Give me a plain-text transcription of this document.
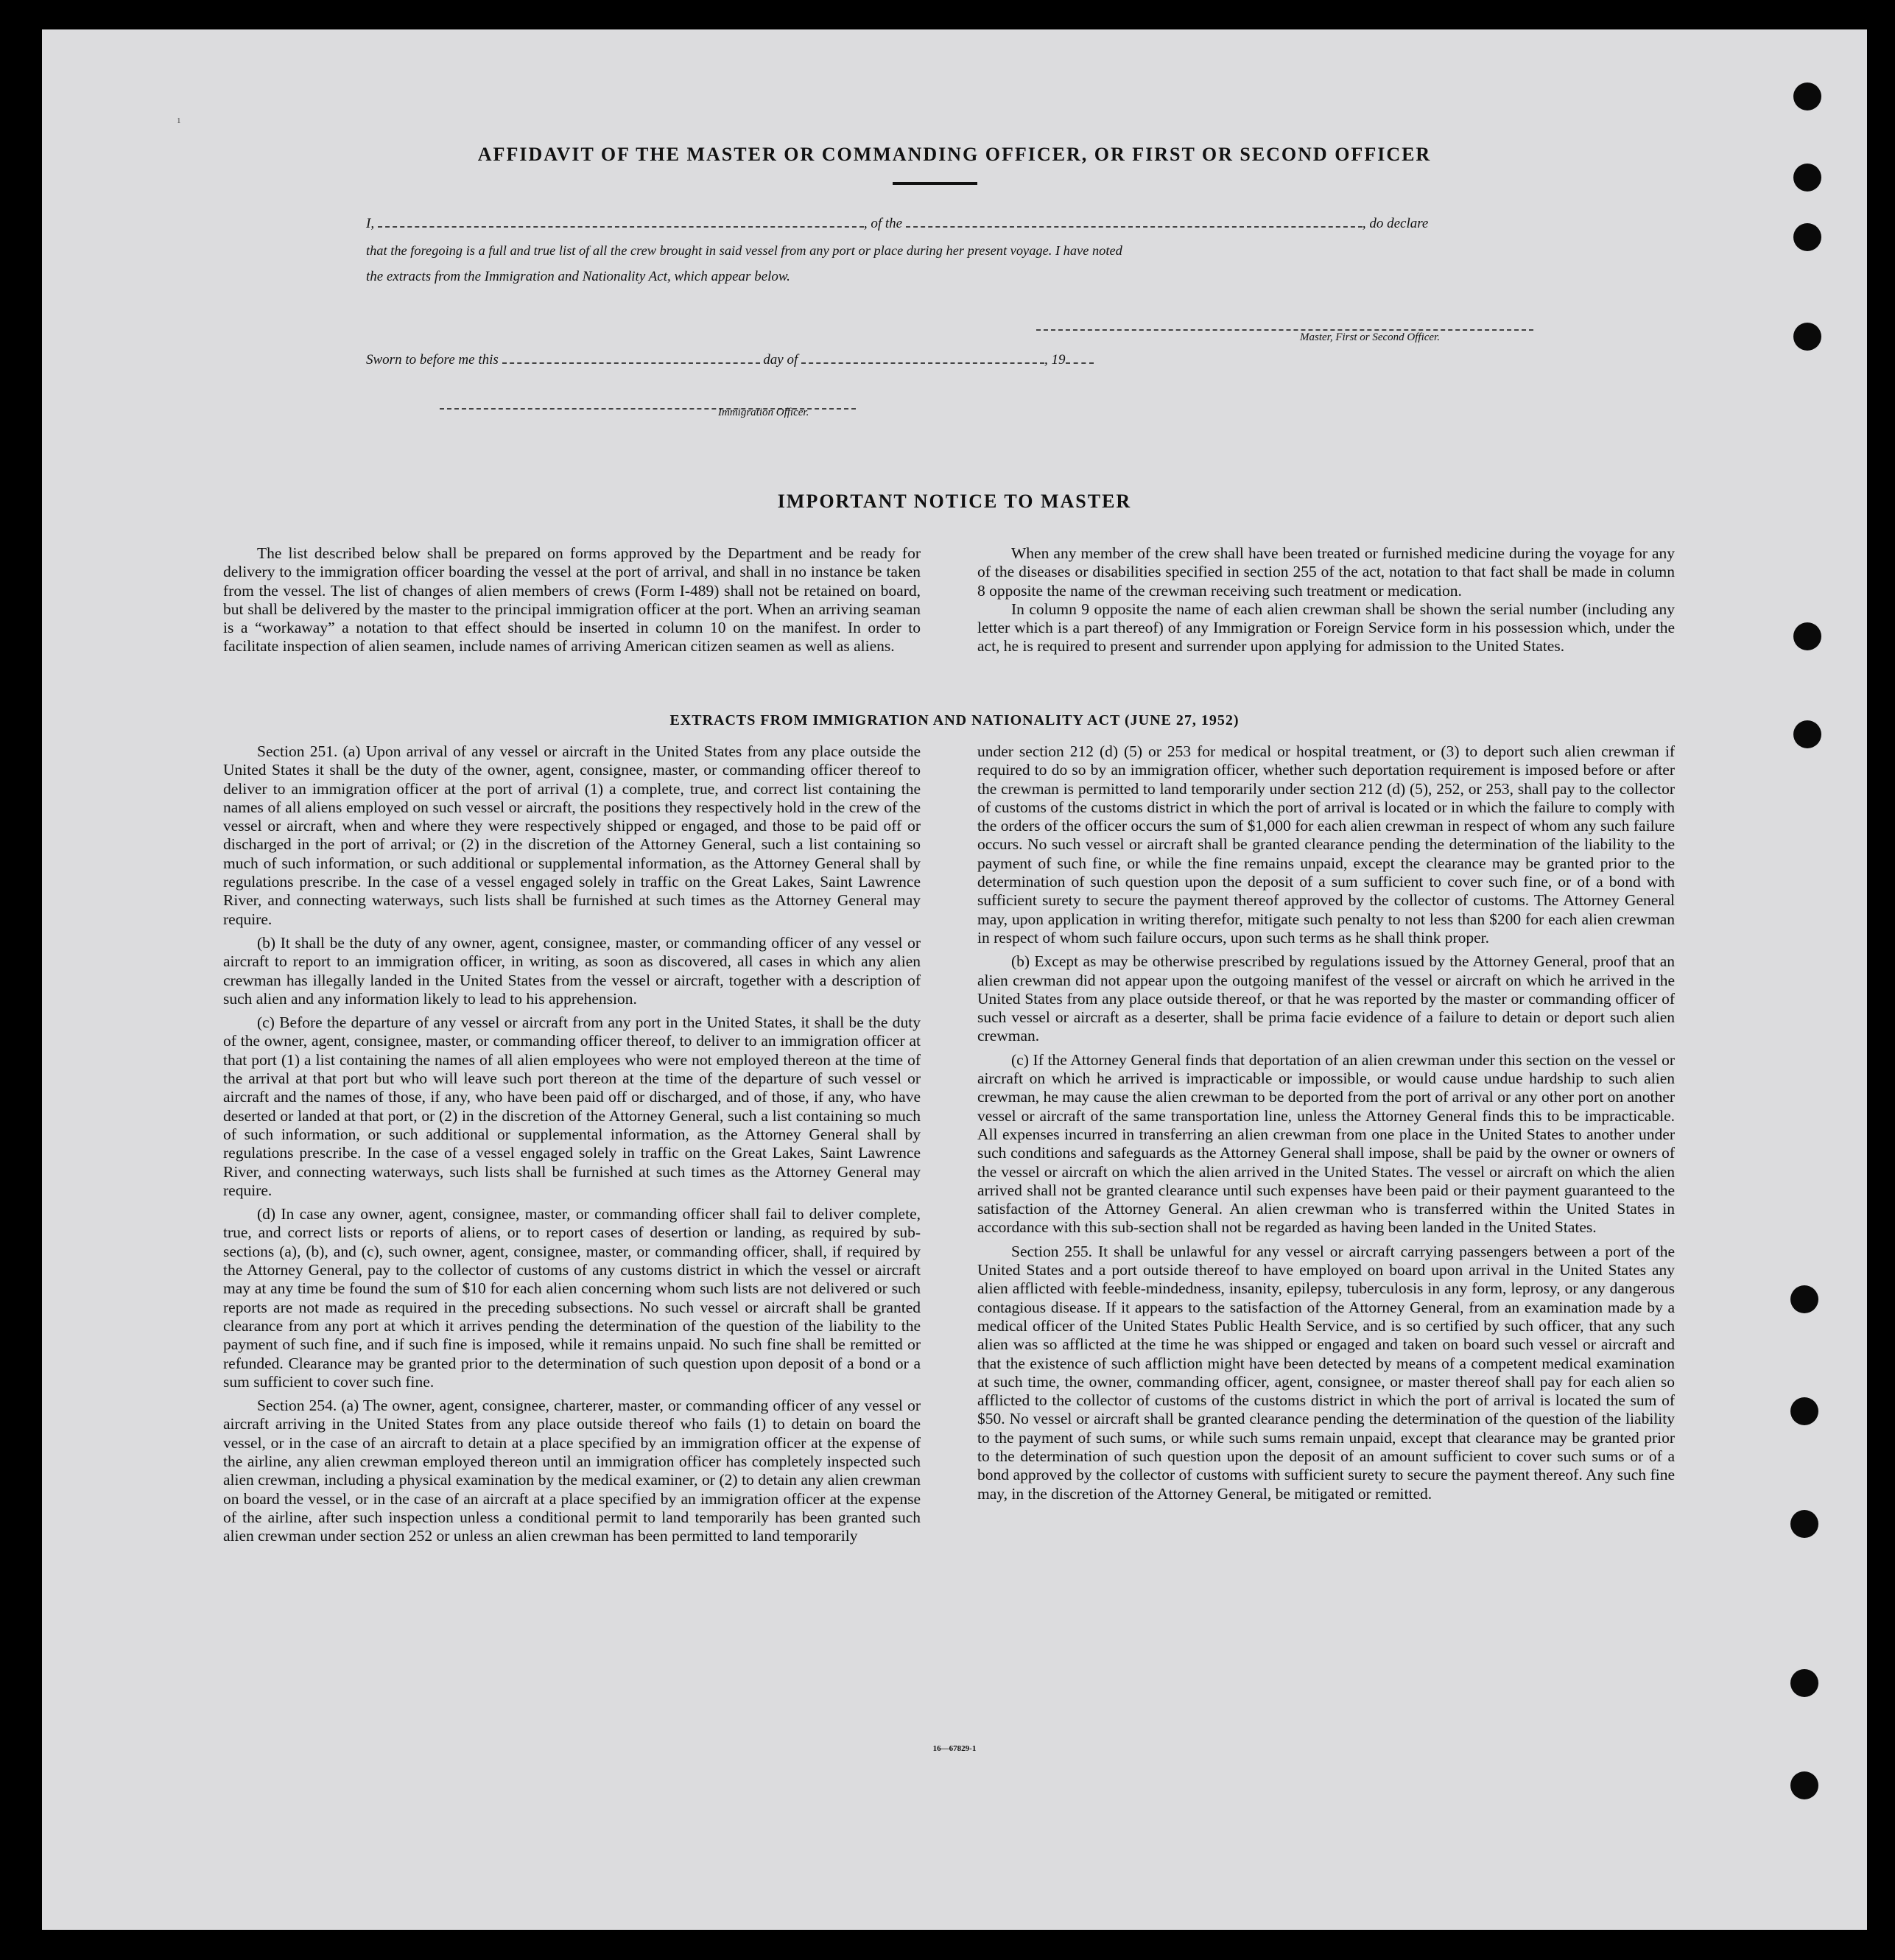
1
AFFIDAVIT OF THE MASTER OR COMMANDING OFFICER, OR FIRST OR SECOND OFFICER
I,	, of the	, do declare
that the foregoing is a full and true list of all the crew brought in said vessel from any port or place during her present voyage. I have noted
the extracts from the Immigration and Nationality Act, which appear below.
Master, First or Second Officer.
Sworn to before me this	day of	, 19
Immigration Officer.
IMPORTANT NOTICE TO MASTER

The list described below shall be prepared on forms approved by the Department and be ready for delivery to the immigration officer boarding the vessel at the port of arrival, and shall in no instance be taken from the vessel. The list of changes of alien members of crews (Form I-489) shall not be retained on board, but shall be delivered by the master to the principal immigration officer at the port. When an arriving seaman is a “workaway” a notation to that effect should be inserted in column 10 on the manifest. In order to facilitate inspection of alien seamen, include names of arriving American citizen seamen as well as aliens.

When any member of the crew shall have been treated or furnished medicine during the voyage for any of the diseases or disabilities specified in section 255 of the act, notation to that fact shall be made in column 8 opposite the name of the crewman receiving such treatment or medication.

In column 9 opposite the name of each alien crewman shall be shown the serial number (including any letter which is a part thereof) of any Immigration or Foreign Service form in his possession which, under the act, he is required to present and surrender upon applying for admission to the United States.

EXTRACTS FROM IMMIGRATION AND NATIONALITY ACT (JUNE 27, 1952)

Section 251. (a) Upon arrival of any vessel or aircraft in the United States from any place outside the United States it shall be the duty of the owner, agent, consignee, master, or commanding officer thereof to deliver to an immigration officer at the port of arrival (1) a complete, true, and correct list containing the names of all aliens employed on such vessel or aircraft, the positions they respectively hold in the crew of the vessel or aircraft, when and where they were respectively shipped or engaged, and those to be paid off or discharged in the port of arrival; or (2) in the discretion of the Attorney General, such a list containing so much of such information, or such additional or supplemental information, as the Attorney General shall by regulations prescribe. In the case of a vessel engaged solely in traffic on the Great Lakes, Saint Lawrence River, and connecting waterways, such lists shall be furnished at such times as the Attorney General may require.

(b) It shall be the duty of any owner, agent, consignee, master, or commanding officer of any vessel or aircraft to report to an immigration officer, in writing, as soon as discovered, all cases in which any alien crewman has illegally landed in the United States from the vessel or aircraft, together with a description of such alien and any information likely to lead to his apprehension.

(c) Before the departure of any vessel or aircraft from any port in the United States, it shall be the duty of the owner, agent, consignee, master, or commanding officer thereof, to deliver to an immigration officer at that port (1) a list containing the names of all alien employees who were not employed thereon at the time of the arrival at that port but who will leave such port thereon at the time of the departure of such vessel or aircraft and the names of those, if any, who have been paid off or discharged, and of those, if any, who have deserted or landed at that port, or (2) in the discretion of the Attorney General, such a list containing so much of such information, or such additional or supplemental information, as the Attorney General shall by regulations prescribe. In the case of a vessel engaged solely in traffic on the Great Lakes, Saint Lawrence River, and connecting waterways, such lists shall be furnished at such times as the Attorney General may require.

(d) In case any owner, agent, consignee, master, or commanding officer shall fail to deliver complete, true, and correct lists or reports of aliens, or to report cases of desertion or landing, as required by sub-sections (a), (b), and (c), such owner, agent, consignee, master, or commanding officer, shall, if required by the Attorney General, pay to the collector of customs of any customs district in which the vessel or aircraft may at any time be found the sum of $10 for each alien concerning whom such lists are not delivered or such reports are not made as required in the preceding subsections. No such vessel or aircraft shall be granted clearance from any port at which it arrives pending the determination of the question of the liability to the payment of such fine, and if such fine is imposed, while it remains unpaid. No such fine shall be remitted or refunded. Clearance may be granted prior to the determination of such question upon deposit of a bond or a sum sufficient to cover such fine.

Section 254. (a) The owner, agent, consignee, charterer, master, or commanding officer of any vessel or aircraft arriving in the United States from any place outside thereof who fails (1) to detain on board the vessel, or in the case of an aircraft to detain at a place specified by an immigration officer at the expense of the airline, any alien crewman employed thereon until an immigration officer has completely inspected such alien crewman, including a physical examination by the medical examiner, or (2) to detain any alien crewman on board the vessel, or in the case of an aircraft at a place specified by an immigration officer at the expense of the airline, after such inspection unless a conditional permit to land temporarily has been granted such alien crewman under section 252 or unless an alien crewman has been permitted to land temporarily

under section 212 (d) (5) or 253 for medical or hospital treatment, or (3) to deport such alien crewman if required to do so by an immigration officer, whether such deportation requirement is imposed before or after the crewman is permitted to land temporarily under section 212 (d) (5), 252, or 253, shall pay to the collector of customs of the customs district in which the port of arrival is located or in which the failure to comply with the orders of the officer occurs the sum of $1,000 for each alien crewman in respect of whom any such failure occurs. No such vessel or aircraft shall be granted clearance pending the determination of the liability to the payment of such fine, or while the fine remains unpaid, except the clearance may be granted prior to the determination of such question upon the deposit of a sum sufficient to cover such fine, or of a bond with sufficient surety to secure the payment thereof approved by the collector of customs. The Attorney General may, upon application in writing therefor, mitigate such penalty to not less than $200 for each alien crewman in respect of whom such failure occurs, upon such terms as he shall think proper.

(b) Except as may be otherwise prescribed by regulations issued by the Attorney General, proof that an alien crewman did not appear upon the outgoing manifest of the vessel or aircraft on which he arrived in the United States from any place outside thereof, or that he was reported by the master or commanding officer of such vessel or aircraft as a deserter, shall be prima facie evidence of a failure to detain or deport such alien crewman.

(c) If the Attorney General finds that deportation of an alien crewman under this section on the vessel or aircraft on which he arrived is impracticable or impossible, or would cause undue hardship to such alien crewman, he may cause the alien crewman to be deported from the port of arrival or any other port on another vessel or aircraft of the same transportation line, unless the Attorney General finds this to be impracticable. All expenses incurred in transferring an alien crewman from one place in the United States to another under such conditions and safeguards as the Attorney General shall impose, shall be paid by the owner or owners of the vessel or aircraft on which the alien arrived in the United States. The vessel or aircraft on which the alien arrived shall not be granted clearance until such expenses have been paid or their payment guaranteed to the satisfaction of the Attorney General. An alien crewman who is transferred within the United States in accordance with this sub-section shall not be regarded as having been landed in the United States.

Section 255. It shall be unlawful for any vessel or aircraft carrying passengers between a port of the United States and a port outside thereof to have employed on board upon arrival in the United States any alien afflicted with feeble-mindedness, insanity, epilepsy, tuberculosis in any form, leprosy, or any dangerous contagious disease. If it appears to the satisfaction of the Attorney General, from an examination made by a medical officer of the United States Public Health Service, and is so certified by such officer, that any such alien was so afflicted at the time he was shipped or engaged and taken on board such vessel or aircraft and that the existence of such affliction might have been detected by means of a competent medical examination at such time, the owner, commanding officer, agent, consignee, or master thereof shall pay for each alien so afflicted to the collector of customs of the customs district in which the port of arrival is located the sum of $50. No vessel or aircraft shall be granted clearance pending the determination of the question of the liability to the payment of such sums, or while such sums remain unpaid, except that clearance may be granted prior to the determination of such question upon the deposit of an amount sufficient to cover such sums or of a bond approved by the collector of customs with sufficient surety to secure the payment thereof. Any such fine may, in the discretion of the Attorney General, be mitigated or remitted.

16—67829-1
